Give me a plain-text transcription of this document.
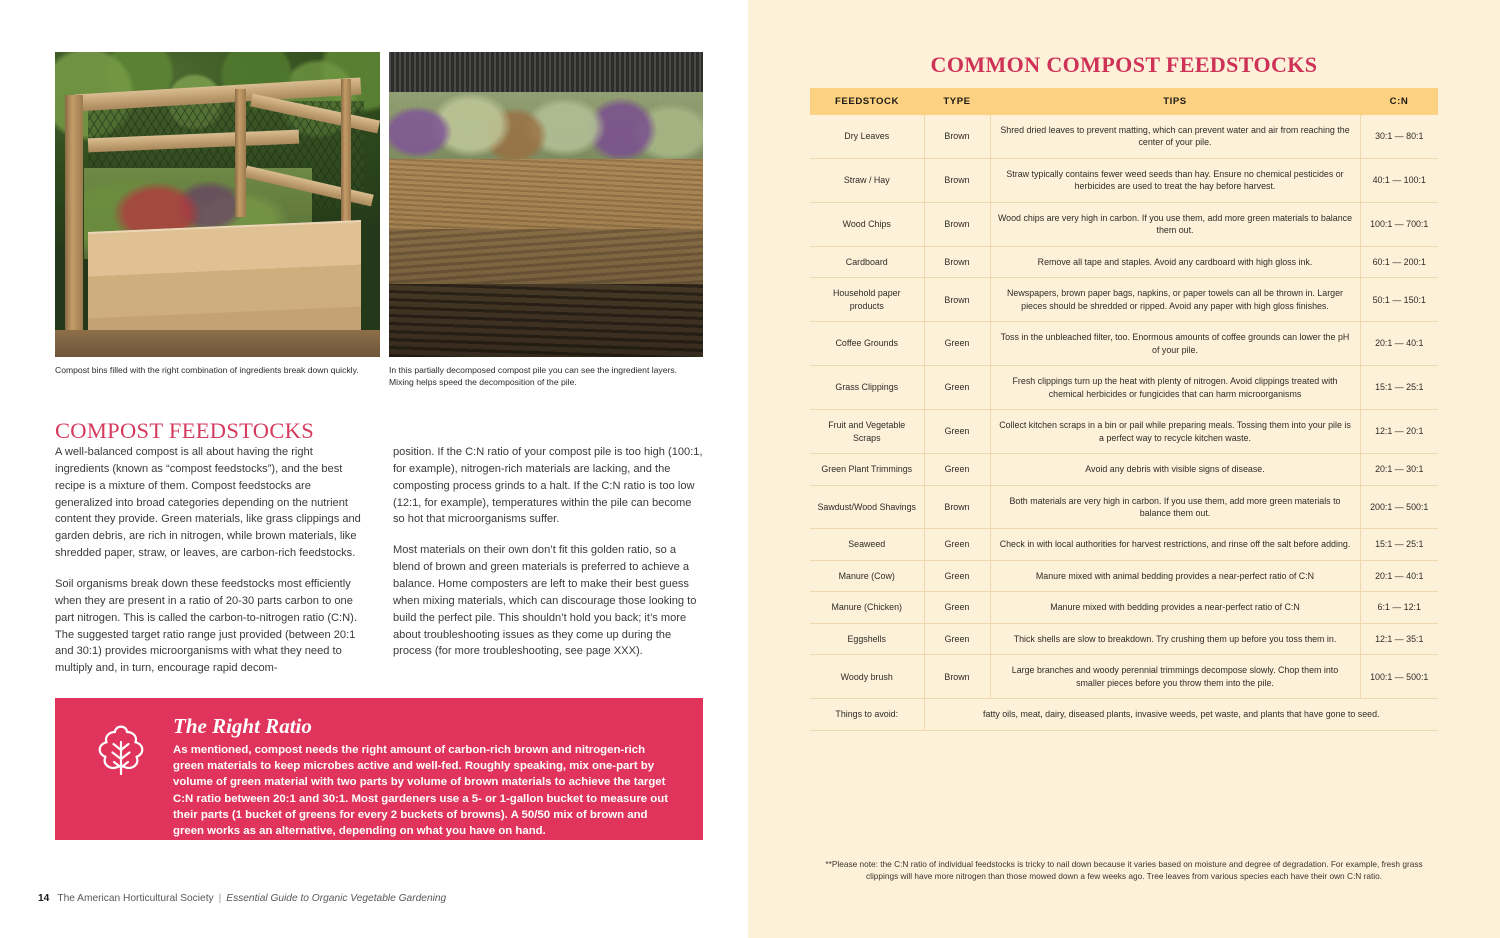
Compost bins filled with the right combination of ingredients break down quickly.	In this partially decomposed compost pile you can see the ingredient layers. Mixing helps speed the decomposition of the pile.
COMPOST FEEDSTOCKS

A well-balanced compost is all about having the right ingredients (known as “compost feedstocks”), and the best recipe is a mixture of them. Compost feedstocks are generalized into broad categories depending on the nutrient content they provide. Green materials, like grass clippings and garden debris, are rich in nitrogen, while brown materials, like shredded paper, straw, or leaves, are carbon-rich feedstocks.

Soil organisms break down these feedstocks most efficiently when they are present in a ratio of 20-30 parts carbon to one part nitrogen. This is called the carbon-to-nitrogen ratio (C:N). The suggested target ratio range just provided (between 20:1 and 30:1) provides microorganisms with what they need to multiply and, in turn, encourage rapid decom-

position. If the C:N ratio of your compost pile is too high (100:1, for example), nitrogen-rich materials are lacking, and the composting process grinds to a halt. If the C:N ratio is too low (12:1, for example), temperatures within the pile can become so hot that microorganisms suffer.

Most materials on their own don’t fit this golden ratio, so a blend of brown and green materials is preferred to achieve a balance. Home composters are left to make their best guess when mixing materials, which can discourage those looking to build the perfect pile. This shouldn’t hold you back; it’s more about troubleshooting issues as they come up during the process (for more troubleshooting, see page XXX).

The Right Ratio
As mentioned, compost needs the right amount of carbon-rich brown and nitrogen-rich green materials to keep microbes active and well-fed. Roughly speaking, mix one-part by volume of green material with two parts by volume of brown materials to achieve the target C:N ratio between 20:1 and 30:1. Most gardeners use a 5- or 1-gallon bucket to measure out their parts (1 bucket of greens for every 2 buckets of browns). A 50/50 mix of brown and green works as an alternative, depending on what you have on hand.
14 The American Horticultural Society | Essential Guide to Organic Vegetable Gardening
COMMON COMPOST FEEDSTOCKS
FEEDSTOCK	TYPE	TIPS	C:N
Dry Leaves	Brown	Shred dried leaves to prevent matting, which can prevent water and air from reaching the center of your pile.	30:1 — 80:1
Straw / Hay	Brown	Straw typically contains fewer weed seeds than hay. Ensure no chemical pesticides or herbicides are used to treat the hay before harvest.	40:1 — 100:1
Wood Chips	Brown	Wood chips are very high in carbon. If you use them, add more green materials to balance them out.	100:1 — 700:1
Cardboard	Brown	Remove all tape and staples. Avoid any cardboard with high gloss ink.	60:1 — 200:1
Household paper products	Brown	Newspapers, brown paper bags, napkins, or paper towels can all be thrown in. Larger pieces should be shredded or ripped. Avoid any paper with high gloss finishes.	50:1 — 150:1
Coffee Grounds	Green	Toss in the unbleached filter, too. Enormous amounts of coffee grounds can lower the pH of your pile.	20:1 — 40:1
Grass Clippings	Green	Fresh clippings turn up the heat with plenty of nitrogen. Avoid clippings treated with chemical herbicides or fungicides that can harm microorganisms	15:1 — 25:1
Fruit and Vegetable Scraps	Green	Collect kitchen scraps in a bin or pail while preparing meals. Tossing them into your pile is a perfect way to recycle kitchen waste.	12:1 — 20:1
Green Plant Trimmings	Green	Avoid any debris with visible signs of disease.	20:1 — 30:1
Sawdust/Wood Shavings	Brown	Both materials are very high in carbon. If you use them, add more green materials to balance them out.	200:1 — 500:1
Seaweed	Green	Check in with local authorities for harvest restrictions, and rinse off the salt before adding.	15:1 — 25:1
Manure (Cow)	Green	Manure mixed with animal bedding provides a near-perfect ratio of C:N	20:1 — 40:1
Manure (Chicken)	Green	Manure mixed with bedding provides a near-perfect ratio of C:N	6:1 — 12:1
Eggshells	Green	Thick shells are slow to breakdown. Try crushing them up before you toss them in.	12:1 — 35:1
Woody brush	Brown	Large branches and woody perennial trimmings decompose slowly. Chop them into smaller pieces before you throw them into the pile.	100:1 — 500:1
Things to avoid:	fatty oils, meat, dairy, diseased plants, invasive weeds, pet waste, and plants that have gone to seed.		
**Please note: the C:N ratio of individual feedstocks is tricky to nail down because it varies based on moisture and degree of degradation. For example, fresh grass clippings will have more nitrogen than those mowed down a few weeks ago. Tree leaves from various species each have their own C:N ratio.
